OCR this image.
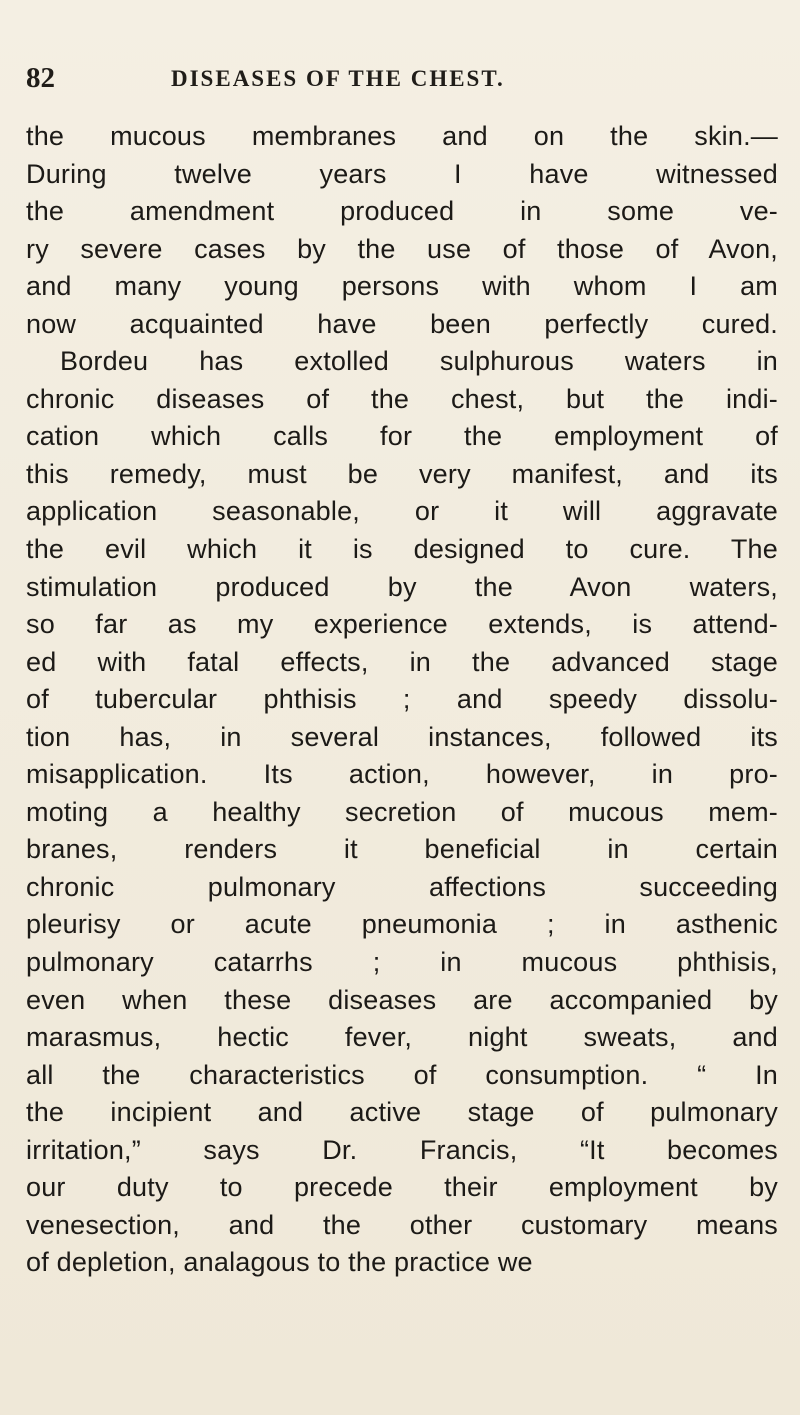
82	DISEASES OF THE CHEST.
the mucous membranes and on the skin.—
During twelve years I have witnessed
the amendment produced in some ve-
ry severe cases by the use of those of Avon,
and many young persons with whom I am
now acquainted have been perfectly cured.
Bordeu has extolled sulphurous waters in
chronic diseases of the chest, but the indi-
cation which calls for the employment of
this remedy, must be very manifest, and its
application seasonable, or it will aggravate
the evil which it is designed to cure. The
stimulation produced by the Avon waters,
so far as my experience extends, is attend-
ed with fatal effects, in the advanced stage
of tubercular phthisis ; and speedy dissolu-
tion has, in several instances, followed its
misapplication. Its action, however, in pro-
moting a healthy secretion of mucous mem-
branes, renders it beneficial in certain
chronic pulmonary affections succeeding
pleurisy or acute pneumonia ; in asthenic
pulmonary catarrhs ; in mucous phthisis,
even when these diseases are accompanied by
marasmus, hectic fever, night sweats, and
all the characteristics of consumption. “ In
the incipient and active stage of pulmonary
irritation,” says Dr. Francis, “It becomes
our duty to precede their employment by
venesection, and the other customary means
of depletion, analagous to the practice we
